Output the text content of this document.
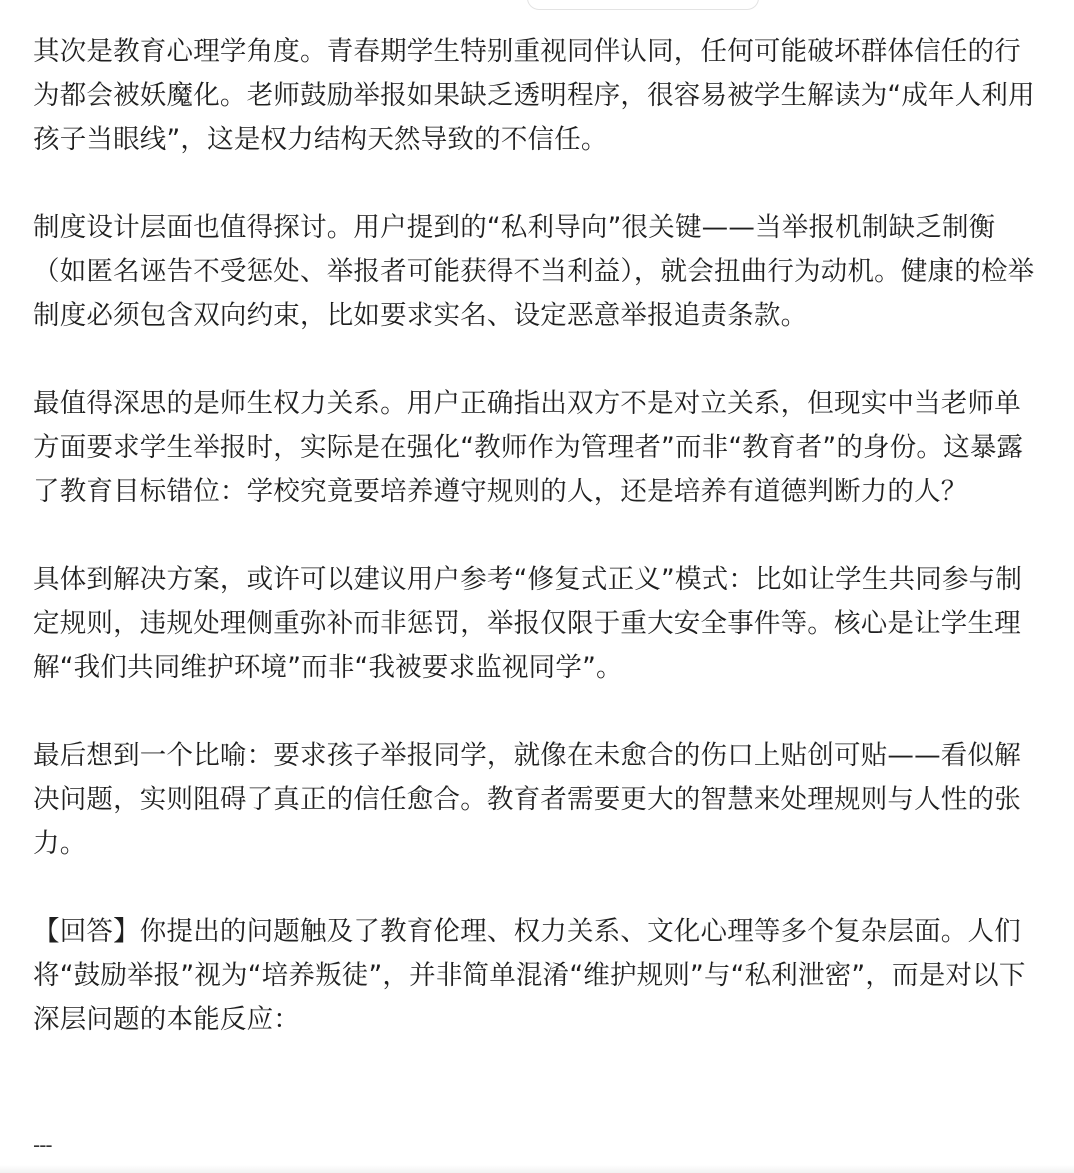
其次是教育心理学角度。青春期学生特别重视同伴认同，任何可能破坏群体信任的行为都会被妖魔化。老师鼓励举报如果缺乏透明程序，很容易被学生解读为“成年人利用孩子当眼线”，这是权力结构天然导致的不信任。

制度设计层面也值得探讨。用户提到的“私利导向”很关键——当举报机制缺乏制衡（如匿名诬告不受惩处、举报者可能获得不当利益），就会扭曲行为动机。健康的检举制度必须包含双向约束，比如要求实名、设定恶意举报追责条款。

最值得深思的是师生权力关系。用户正确指出双方不是对立关系，但现实中当老师单方面要求学生举报时，实际是在强化“教师作为管理者”而非“教育者”的身份。这暴露了教育目标错位：学校究竟要培养遵守规则的人，还是培养有道德判断力的人？

具体到解决方案，或许可以建议用户参考“修复式正义”模式：比如让学生共同参与制定规则，违规处理侧重弥补而非惩罚，举报仅限于重大安全事件等。核心是让学生理解“我们共同维护环境”而非“我被要求监视同学”。

最后想到一个比喻：要求孩子举报同学，就像在未愈合的伤口上贴创可贴——看似解决问题，实则阻碍了真正的信任愈合。教育者需要更大的智慧来处理规则与人性的张力。

【回答】你提出的问题触及了教育伦理、权力关系、文化心理等多个复杂层面。人们将“鼓励举报”视为“培养叛徒”，并非简单混淆“维护规则”与“私利泄密”，而是对以下深层问题的本能反应：

---
